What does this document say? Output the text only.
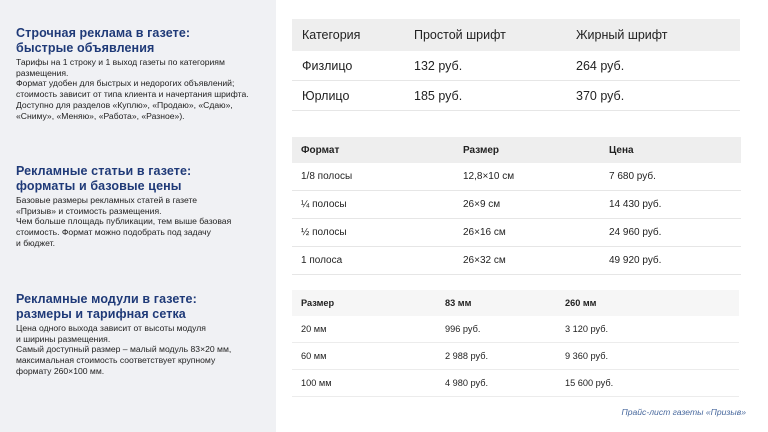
Строчная реклама в газете:
быстрые объявления

Тарифы на 1 строку и 1 выход газеты по категориям
размещения.
Формат удобен для быстрых и недорогих объявлений;
стоимость зависит от типа клиента и начертания шрифта.
Доступно для разделов «Куплю», «Продаю», «Сдаю»,
«Сниму», «Меняю», «Работа», «Разное»).

Рекламные статьи в газете:
форматы и базовые цены

Базовые размеры рекламных статей в газете
«Призыв» и стоимость размещения.
Чем больше площадь публикации, тем выше базовая
стоимость. Формат можно подобрать под задачу
и бюджет.

Рекламные модули в газете:
размеры и тарифная сетка

Цена одного выхода зависит от высоты модуля
и ширины размещения.
Самый доступный размер – малый модуль 83×20 мм,
максимальная стоимость соответствует крупному
формату 260×100 мм.

Категория	Простой шрифт	Жирный шрифт
Физлицо	132 руб.	264 руб.
Юрлицо	185 руб.	370 руб.

Формат	Размер	Цена
1/8 полосы	12,8×10 см	7 680 руб.
¼ полосы	26×9 см	14 430 руб.
½ полосы	26×16 см	24 960 руб.
1 полоса	26×32 см	49 920 руб.
Размер	83 мм	260 мм
20 мм	996 руб.	3 120 руб.
60 мм	2 988 руб.	9 360 руб.
100 мм	4 980 руб.	15 600 руб.
Прайс-лист газеты «Призыв»
